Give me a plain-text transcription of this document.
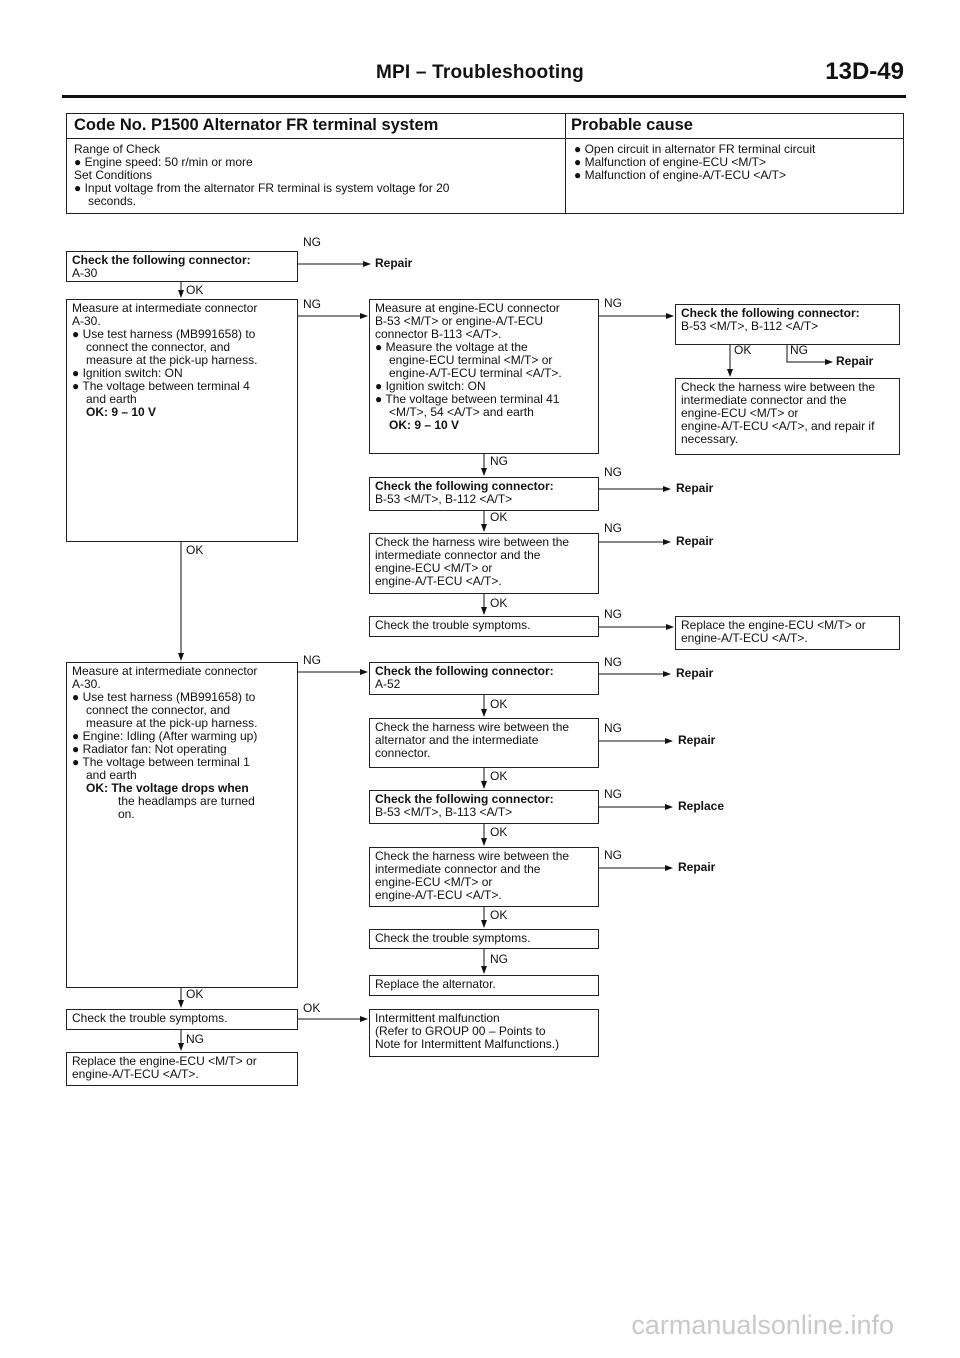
MPI – Troubleshooting	13D-49
Code No. P1500 Alternator FR terminal system	Probable cause
Range of Check
● Engine speed: 50 r/min or more
Set Conditions
● Input voltage from the alternator FR terminal is system voltage for 20
seconds.
● Open circuit in alternator FR terminal circuit
● Malfunction of engine-ECU <M/T>
● Malfunction of engine-A/T-ECU <A/T>
Check the following connector:
A-30
Measure at intermediate connector
A-30.
● Use test harness (MB991658) to
connect the connector, and
measure at the pick-up harness.
● Ignition switch: ON
● The voltage between terminal 4
and earth
OK: 9 – 10 V
Measure at engine-ECU connector
B-53 <M/T> or engine-A/T-ECU
connector B-113 <A/T>.
● Measure the voltage at the
engine-ECU terminal <M/T> or
engine-A/T-ECU terminal <A/T>.
● Ignition switch: ON
● The voltage between terminal 41
<M/T>, 54 <A/T> and earth
OK: 9 – 10 V
Check the following connector:
B-53 <M/T>, B-112 <A/T>
Check the harness wire between the
intermediate connector and the
engine-ECU <M/T> or
engine-A/T-ECU <A/T>, and repair if
necessary.
Check the following connector:
B-53 <M/T>, B-112 <A/T>
Check the harness wire between the
intermediate connector and the
engine-ECU <M/T> or
engine-A/T-ECU <A/T>.
Check the trouble symptoms.	Replace the engine-ECU <M/T> or
engine-A/T-ECU <A/T>.
Measure at intermediate connector
A-30.
● Use test harness (MB991658) to
connect the connector, and
measure at the pick-up harness.
● Engine: Idling (After warming up)
● Radiator fan: Not operating
● The voltage between terminal 1
and earth
OK: The voltage drops when
the headlamps are turned
on.
Check the following connector:
A-52
Check the harness wire between the
alternator and the intermediate
connector.
Check the following connector:
B-53 <M/T>, B-113 <A/T>
Check the harness wire between the
intermediate connector and the
engine-ECU <M/T> or
engine-A/T-ECU <A/T>.
Check the trouble symptoms.
Replace the alternator.
Check the trouble symptoms.
Replace the engine-ECU <M/T> or
engine-A/T-ECU <A/T>.
Intermittent malfunction
(Refer to GROUP 00 – Points to
Note for Intermittent Malfunctions.)
NG
OK
NG	NG
OK	NG
NG
NG
OK
NG
OK
OK
NG
NG	NG
OK
NG
OK
NG
OK
NG
OK
NG
OK
OK
NG
Repair
Repair
Repair
Repair
Repair
Repair
Replace
Repair
carmanualsonline.info
